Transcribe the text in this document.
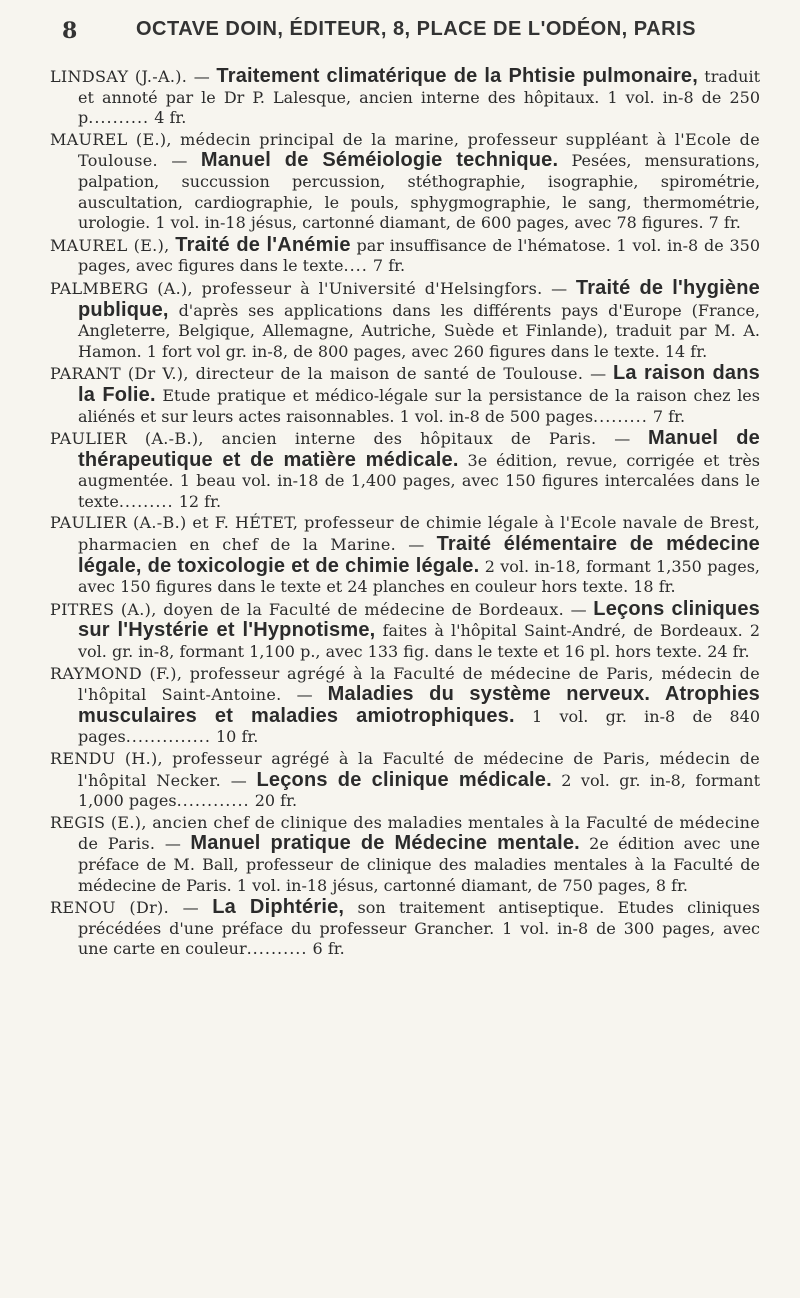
8	OCTAVE DOIN, ÉDITEUR, 8, PLACE DE L'ODÉON, PARIS
LINDSAY (J.-A.). — Traitement climatérique de la Phtisie pulmonaire, traduit et annoté par le Dr P. Lalesque, ancien interne des hôpitaux. 1 vol. in-8 de 250 p.......... 4 fr.
MAUREL (E.), médecin principal de la marine, professeur suppléant à l'Ecole de Toulouse. — Manuel de Séméiologie technique. Pesées, mensurations, palpation, succussion percussion, stéthographie, isographie, spirométrie, auscultation, cardiographie, le pouls, sphygmographie, le sang, thermométrie, urologie. 1 vol. in-18 jésus, cartonné diamant, de 600 pages, avec 78 figures. 7 fr.
MAUREL (E.), Traité de l'Anémie par insuffisance de l'hématose. 1 vol. in-8 de 350 pages, avec figures dans le texte.... 7 fr.
PALMBERG (A.), professeur à l'Université d'Helsingfors. — Traité de l'hygiène publique, d'après ses applications dans les différents pays d'Europe (France, Angleterre, Belgique, Allemagne, Autriche, Suède et Finlande), traduit par M. A. Hamon. 1 fort vol gr. in-8, de 800 pages, avec 260 figures dans le texte. 14 fr.
PARANT (Dr V.), directeur de la maison de santé de Toulouse. — La raison dans la Folie. Etude pratique et médico-légale sur la persistance de la raison chez les aliénés et sur leurs actes raisonnables. 1 vol. in-8 de 500 pages......... 7 fr.
PAULIER (A.-B.), ancien interne des hôpitaux de Paris. — Manuel de thérapeutique et de matière médicale. 3e édition, revue, corrigée et très augmentée. 1 beau vol. in-18 de 1,400 pages, avec 150 figures intercalées dans le texte......... 12 fr.
PAULIER (A.-B.) et F. HÉTET, professeur de chimie légale à l'Ecole navale de Brest, pharmacien en chef de la Marine. — Traité élémentaire de médecine légale, de toxicologie et de chimie légale. 2 vol. in-18, formant 1,350 pages, avec 150 figures dans le texte et 24 planches en couleur hors texte. 18 fr.
PITRES (A.), doyen de la Faculté de médecine de Bordeaux. — Leçons cliniques sur l'Hystérie et l'Hypnotisme, faites à l'hôpital Saint-André, de Bordeaux. 2 vol. gr. in-8, formant 1,100 p., avec 133 fig. dans le texte et 16 pl. hors texte. 24 fr.
RAYMOND (F.), professeur agrégé à la Faculté de médecine de Paris, médecin de l'hôpital Saint-Antoine. — Maladies du système nerveux. Atrophies musculaires et maladies amiotrophiques. 1 vol. gr. in-8 de 840 pages.............. 10 fr.
RENDU (H.), professeur agrégé à la Faculté de médecine de Paris, médecin de l'hôpital Necker. — Leçons de clinique médicale. 2 vol. gr. in-8, formant 1,000 pages............ 20 fr.
REGIS (E.), ancien chef de clinique des maladies mentales à la Faculté de médecine de Paris. — Manuel pratique de Médecine mentale. 2e édition avec une préface de M. Ball, professeur de clinique des maladies mentales à la Faculté de médecine de Paris. 1 vol. in-18 jésus, cartonné diamant, de 750 pages, 8 fr.
RENOU (Dr). — La Diphtérie, son traitement antiseptique. Etudes cliniques précédées d'une préface du professeur Grancher. 1 vol. in-8 de 300 pages, avec une carte en couleur.......... 6 fr.
